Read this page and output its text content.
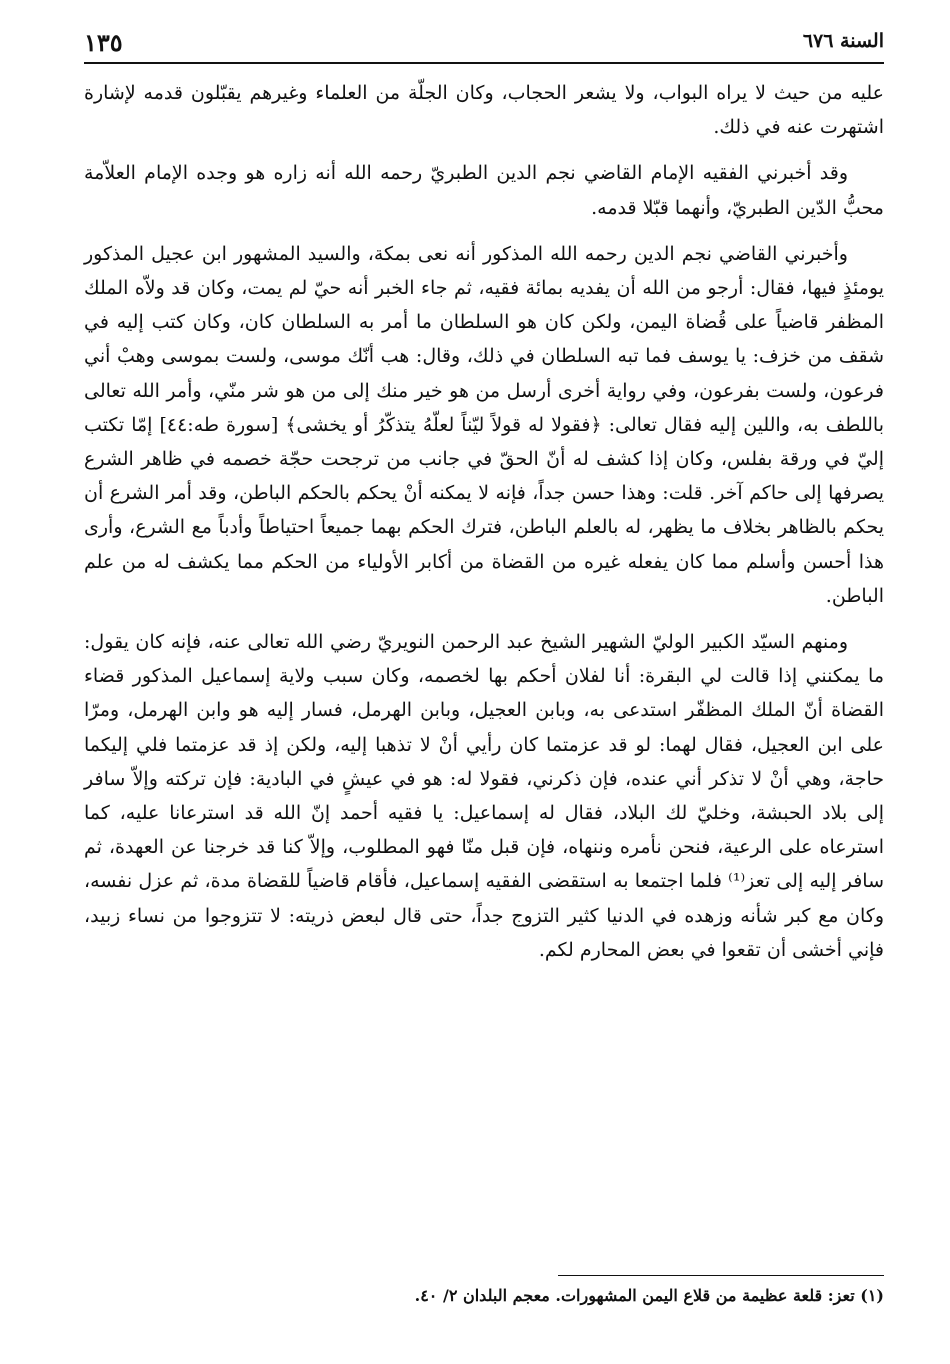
السنة ٦٧٦
١٣٥

عليه من حيث لا يراه البواب، ولا يشعر الحجاب، وكان الجلّة من العلماء وغيرهم يقبّلون قدمه لإشارة اشتهرت عنه في ذلك.

وقد أخبرني الفقيه الإمام القاضي نجم الدين الطبريّ رحمه الله أنه زاره هو وجده الإمام العلاّمة محبُّ الدّين الطبريّ، وأنهما قبّلا قدمه.

وأخبرني القاضي نجم الدين رحمه الله المذكور أنه نعى بمكة، والسيد المشهور ابن عجيل المذكور يومئذٍ فيها، فقال: أرجو من الله أن يفديه بمائة فقيه، ثم جاء الخبر أنه حيّ لم يمت، وكان قد ولاّه الملك المظفر قاضياً على قُضاة اليمن، ولكن كان هو السلطان ما أمر به السلطان كان، وكان كتب إليه في شقف من خزف: يا يوسف فما تبه السلطان في ذلك، وقال: هب أنّك موسى، ولست بموسى وهبْ أني فرعون، ولست بفرعون، وفي رواية أخرى أرسل من هو خير منك إلى من هو شر منّي، وأمر الله تعالى باللطف به، واللين إليه فقال تعالى: ﴿فقولا له قولاً ليّناً لعلّهُ يتذكّرُ أو يخشى﴾ [سورة طه:٤٤] إمّا تكتب إليّ في ورقة بفلس، وكان إذا كشف له أنّ الحقّ في جانب من ترجحت حجّة خصمه في ظاهر الشرع يصرفها إلى حاكم آخر. قلت: وهذا حسن جداً، فإنه لا يمكنه أنْ يحكم بالحكم الباطن، وقد أمر الشرع أن يحكم بالظاهر بخلاف ما يظهر، له بالعلم الباطن، فترك الحكم بهما جميعاً احتياطاً وأدباً مع الشرع، وأرى هذا أحسن وأسلم مما كان يفعله غيره من القضاة من أكابر الأولياء من الحكم مما يكشف له من علم الباطن.

ومنهم السيّد الكبير الوليّ الشهير الشيخ عبد الرحمن النويريّ رضي الله تعالى عنه، فإنه كان يقول: ما يمكنني إذا قالت لي البقرة: أنا لفلان أحكم بها لخصمه، وكان سبب ولاية إسماعيل المذكور قضاء القضاة أنّ الملك المظفّر استدعى به، وبابن العجيل، وبابن الهرمل، فسار إليه هو وابن الهرمل، ومرّا على ابن العجيل، فقال لهما: لو قد عزمتما كان رأيي أنْ لا تذهبا إليه، ولكن إذ قد عزمتما فلي إليكما حاجة، وهي أنْ لا تذكر أني عنده، فإن ذكرني، فقولا له: هو في عيشٍ في البادية: فإن تركته وإلاّ سافر إلى بلاد الحبشة، وخليّ لك البلاد، فقال له إسماعيل: يا فقيه أحمد إنّ الله قد استرعانا عليه، كما استرعاه على الرعية، فنحن نأمره وننهاه، فإن قبل منّا فهو المطلوب، وإلاّ كنا قد خرجنا عن العهدة، ثم سافر إليه إلى تعز⁽¹⁾ فلما اجتمعا به استقضى الفقيه إسماعيل، فأقام قاضياً للقضاة مدة، ثم عزل نفسه، وكان مع كبر شأنه وزهده في الدنيا كثير التزوج جداً، حتى قال لبعض ذريته: لا تتزوجوا من نساء زبيد، فإني أخشى أن تقعوا في بعض المحارم لكم.

(١) تعز: قلعة عظيمة من قلاع اليمن المشهورات. معجم البلدان ٢/ ٤٠.
